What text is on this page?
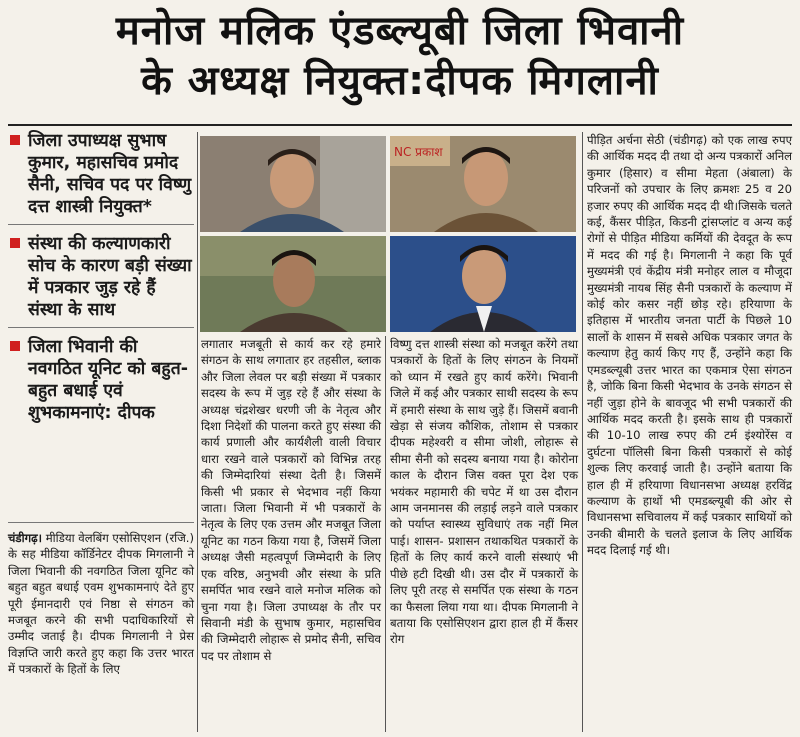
मनोज मलिक एंडब्ल्यूबी जिला भिवानी
के अध्यक्ष नियुक्त:दीपक मिगलानी
जिला उपाध्यक्ष सुभाष कुमार, महासचिव प्रमोद सैनी, सचिव पद पर विष्णु दत्त शास्त्री नियुक्त*
संस्था की कल्याणकारी सोच के कारण बड़ी संख्या में पत्रकार जुड़ रहे हैं संस्था के साथ
जिला भिवानी की नवगठित यूनिट को बहुत-बहुत बधाई एवं शुभकामनाएं: दीपक
NC प्रकाश

चंडीगढ़। मीडिया वेलबिंग एसोसिएशन (रजि.) के सह मीडिया कॉर्डिनेटर दीपक मिगलानी ने जिला भिवानी की नवगठित जिला यूनिट को बहुत बहुत बधाई एवम शुभकामनाएं देते हुए पूरी ईमानदारी एवं निष्ठा से संगठन को मजबूत करने की सभी पदाधिकारियों से उम्मीद जताई है। दीपक मिगलानी ने प्रेस विज्ञप्ति जारी करते हुए कहा कि उत्तर भारत में पत्रकारों के हितों के लिए

लगातार मजबूती से कार्य कर रहे हमारे संगठन के साथ लगातार हर तहसील, ब्लाक और जिला लेवल पर बड़ी संख्या में पत्रकार सदस्य के रूप में जुड़ रहे हैं और संस्था के अध्यक्ष चंद्रशेखर धरणी जी के नेतृत्व और दिशा निदेशों की पालना करते हुए संस्था की कार्य प्रणाली और कार्यशैली वाली विचार धारा रखने वाले पत्रकारों को विभिन्न तरह की जिम्मेदारियां संस्था देती है। जिसमें किसी भी प्रकार से भेदभाव नहीं किया जाता। जिला भिवानी में भी पत्रकारों के नेतृत्व के लिए एक उत्तम और मजबूत जिला यूनिट का गठन किया गया है, जिसमें जिला अध्यक्ष जैसी महत्वपूर्ण जिम्मेदारी के लिए एक वरिष्ठ, अनुभवी और संस्था के प्रति समर्पित भाव रखने वाले मनोज मलिक को चुना गया है। जिला उपाध्यक्ष के तौर पर सिवानी मंडी के सुभाष कुमार, महासचिव की जिम्मेदारी लोहारू से प्रमोद सैनी, सचिव पद पर तोशाम से

विष्णु दत्त शास्त्री संस्था को मजबूत करेंगे तथा पत्रकारों के हितों के लिए संगठन के नियमों को ध्यान में रखते हुए कार्य करेंगे। भिवानी जिले में कई और पत्रकार साथी सदस्य के रूप में हमारी संस्था के साथ जुड़े हैं। जिसमें बवानी खेड़ा से संजय कौशिक, तोशाम से पत्रकार दीपक महेश्वरी व सीमा जोशी, लोहारू से सीमा सैनी को सदस्य बनाया गया है। कोरोना काल के दौरान जिस वक्त पूरा देश एक भयंकर महामारी की चपेट में था उस दौरान आम जनमानस की लड़ाई लड़ने वाले पत्रकार को पर्याप्त स्वास्थ्य सुविधाएं तक नहीं मिल पाई। शासन- प्रशासन तथाकथित पत्रकारों के हितों के लिए कार्य करने वाली संस्थाएं भी पीछे हटी दिखी थी। उस दौर में पत्रकारों के लिए पूरी तरह से समर्पित एक संस्था के गठन का फैसला लिया गया था। दीपक मिगलानी ने बताया कि एसोसिएशन द्वारा हाल ही में कैंसर रोग

पीड़ित अर्चना सेठी (चंडीगढ़) को एक लाख रुपए की आर्थिक मदद दी तथा दो अन्य पत्रकारों अनिल कुमार (हिसार) व सीमा मेहता (अंबाला) के परिजनों को उपचार के लिए क्रमशः 25 व 20 हजार रुपए की आर्थिक मदद दी थी।जिसके चलते कई, कैंसर पीड़ित, किडनी ट्रांसप्लांट व अन्य कई रोगों से पीड़ित मीडिया कर्मियों की देवदूत के रूप में मदद की गई है। मिगलानी ने कहा कि पूर्व मुख्यमंत्री एवं केंद्रीय मंत्री मनोहर लाल व मौजूदा मुख्यमंत्री नायब सिंह सैनी पत्रकारों के कल्याण में कोई कोर कसर नहीं छोड़ रहे। हरियाणा के इतिहास में भारतीय जनता पार्टी के पिछले 10 सालों के शासन में सबसे अधिक पत्रकार जगत के कल्याण हेतु कार्य किए गए हैं, उन्होंने कहा कि एमडब्ल्यूबी उत्तर भारत का एकमात्र ऐसा संगठन है, जोकि बिना किसी भेदभाव के उनके संगठन से नहीं जुड़ा होने के बावजूद भी सभी पत्रकारों की आर्थिक मदद करती है। इसके साथ ही पत्रकारों की 10-10 लाख रुपए की टर्म इंश्योरेंस व दुर्घटना पॉलिसी बिना किसी पत्रकारों से कोई शुल्क लिए करवाई जाती है। उन्होंने बताया कि हाल ही में हरियाणा विधानसभा अध्यक्ष हरविंद्र कल्याण के हाथों भी एमडब्ल्यूबी की ओर से विधानसभा सचिवालय में कई पत्रकार साथियों को उनकी बीमारी के चलते इलाज के लिए आर्थिक मदद दिलाई गई थी।
